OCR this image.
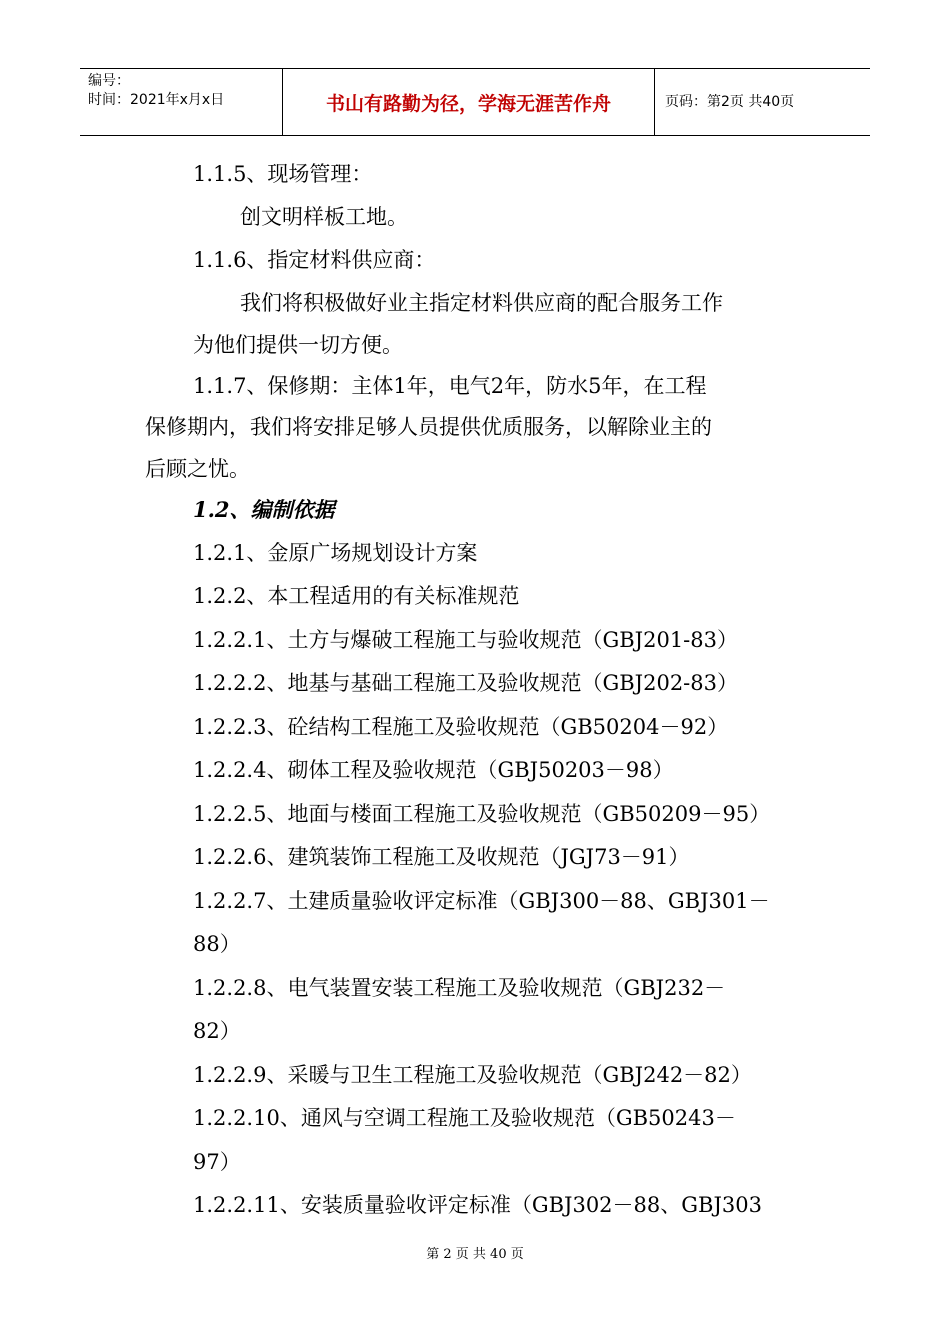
编号：
时间：2021年x月x日	书山有路勤为径，学海无涯苦作舟	页码：第2页 共40页
1.1.5、现场管理：
创文明样板工地。
1.1.6、指定材料供应商：
我们将积极做好业主指定材料供应商的配合服务工作
为他们提供一切方便。
1.1.7、保修期：主体1年，电气2年，防水5年，在工程
保修期内，我们将安排足够人员提供优质服务，以解除业主的
后顾之忧。
1.2、编制依据
1.2.1、金原广场规划设计方案
1.2.2、本工程适用的有关标准规范
1.2.2.1、土方与爆破工程施工与验收规范（GBJ201-83）
1.2.2.2、地基与基础工程施工及验收规范（GBJ202-83）
1.2.2.3、砼结构工程施工及验收规范（GB50204－92）
1.2.2.4、砌体工程及验收规范（GBJ50203－98）
1.2.2.5、地面与楼面工程施工及验收规范（GB50209－95）
1.2.2.6、建筑装饰工程施工及收规范（JGJ73－91）
1.2.2.7、土建质量验收评定标准（GBJ300－88、GBJ301－
88）
1.2.2.8、电气装置安装工程施工及验收规范（GBJ232－
82）
1.2.2.9、采暖与卫生工程施工及验收规范（GBJ242－82）
1.2.2.10、通风与空调工程施工及验收规范（GB50243－
97）
1.2.2.11、安装质量验收评定标准（GBJ302－88、GBJ303
第 2 页 共 40 页
